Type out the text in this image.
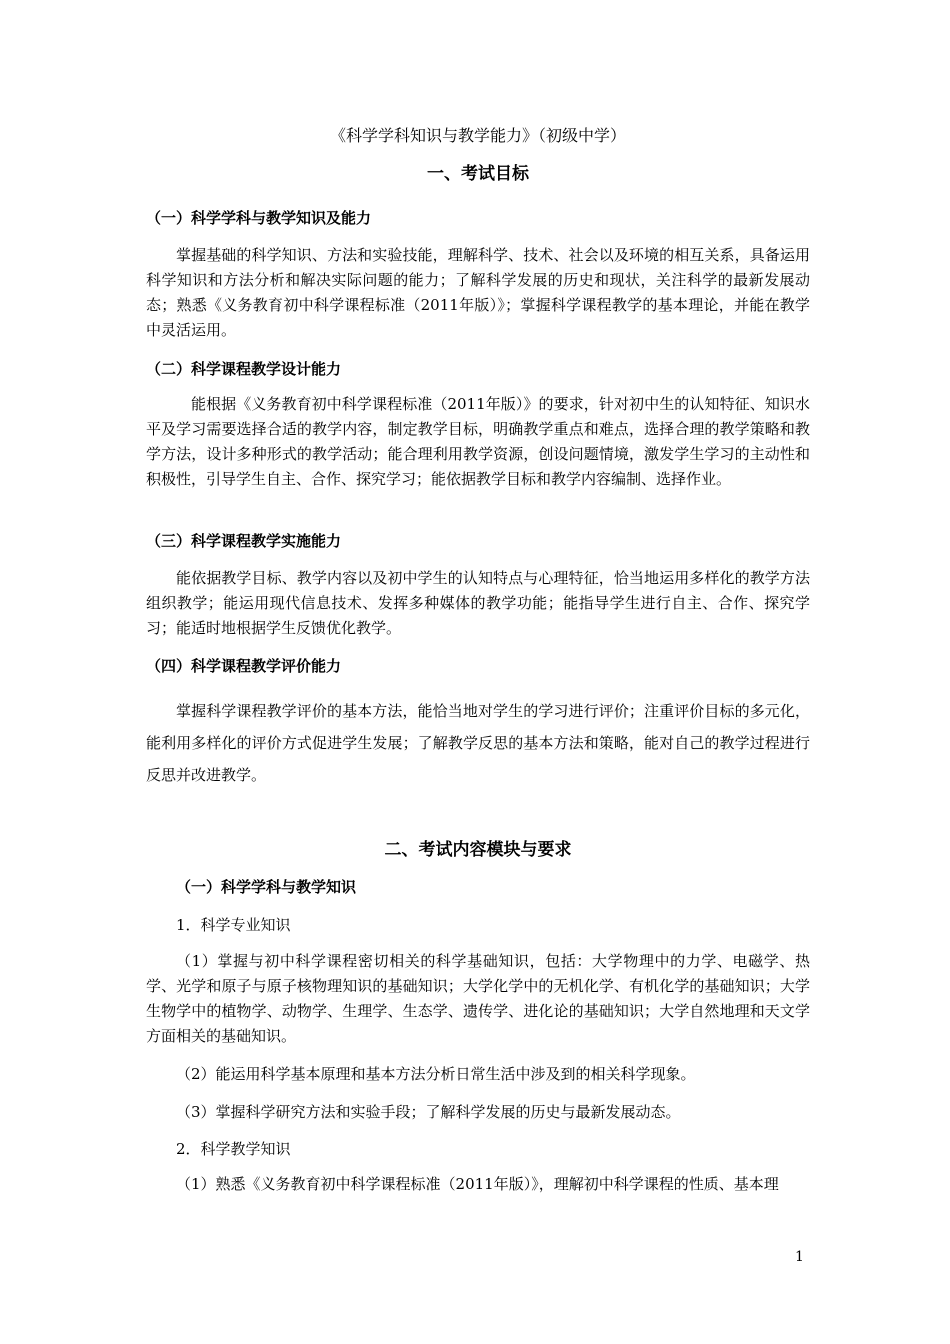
《科学学科知识与教学能力》（初级中学）
一、考试目标
（一）科学学科与教学知识及能力
掌握基础的科学知识、方法和实验技能，理解科学、技术、社会以及环境的相互关系，具备运用科学知识和方法分析和解决实际问题的能力；了解科学发展的历史和现状，关注科学的最新发展动态；熟悉《义务教育初中科学课程标准（2011年版）》；掌握科学课程教学的基本理论，并能在教学中灵活运用。
（二）科学课程教学设计能力
能根据《义务教育初中科学课程标准（2011年版）》的要求，针对初中生的认知特征、知识水平及学习需要选择合适的教学内容，制定教学目标，明确教学重点和难点，选择合理的教学策略和教学方法，设计多种形式的教学活动；能合理利用教学资源，创设问题情境，激发学生学习的主动性和积极性，引导学生自主、合作、探究学习；能依据教学目标和教学内容编制、选择作业。
（三）科学课程教学实施能力
能依据教学目标、教学内容以及初中学生的认知特点与心理特征，恰当地运用多样化的教学方法组织教学；能运用现代信息技术、发挥多种媒体的教学功能；能指导学生进行自主、合作、探究学习；能适时地根据学生反馈优化教学。
（四）科学课程教学评价能力
掌握科学课程教学评价的基本方法，能恰当地对学生的学习进行评价；注重评价目标的多元化，能利用多样化的评价方式促进学生发展；了解教学反思的基本方法和策略，能对自己的教学过程进行反思并改进教学。
二、考试内容模块与要求
（一）科学学科与教学知识
1．科学专业知识
（1）掌握与初中科学课程密切相关的科学基础知识，包括：大学物理中的力学、电磁学、热学、光学和原子与原子核物理知识的基础知识；大学化学中的无机化学、有机化学的基础知识；大学生物学中的植物学、动物学、生理学、生态学、遗传学、进化论的基础知识；大学自然地理和天文学方面相关的基础知识。
（2）能运用科学基本原理和基本方法分析日常生活中涉及到的相关科学现象。
（3）掌握科学研究方法和实验手段；了解科学发展的历史与最新发展动态。
2．科学教学知识
（1）熟悉《义务教育初中科学课程标准（2011年版）》，理解初中科学课程的性质、基本理
1
